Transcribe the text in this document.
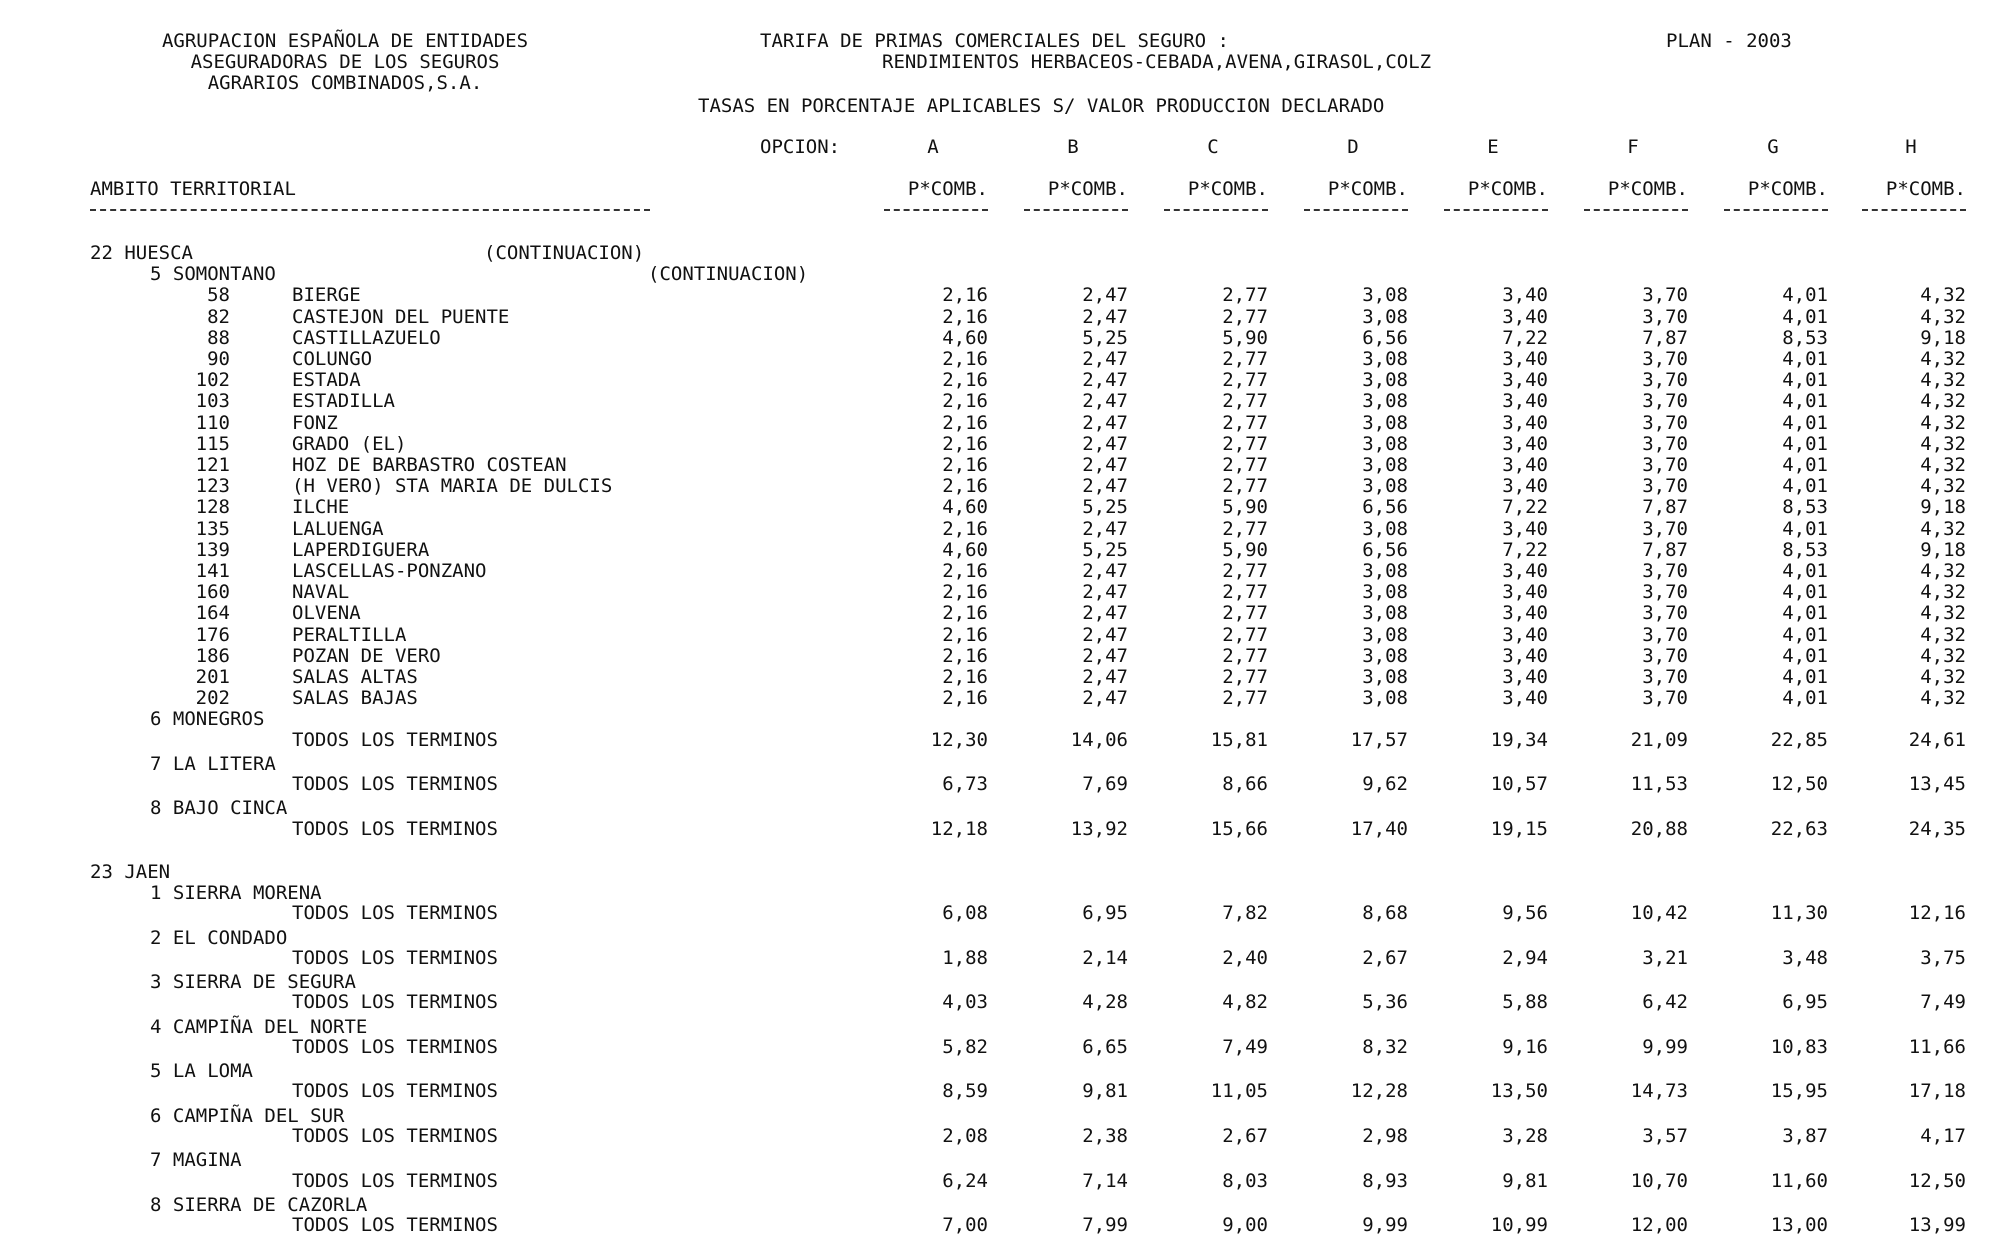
AGRUPACION ESPAÑOLA DE ENTIDADES
ASEGURADORAS DE LOS SEGUROS
AGRARIOS COMBINADOS,S.A.
TARIFA DE PRIMAS COMERCIALES DEL SEGURO :
RENDIMIENTOS HERBACEOS-CEBADA,AVENA,GIRASOL,COLZ
PLAN - 2003
TASAS EN PORCENTAJE APLICABLES S/ VALOR PRODUCCION DECLARADO
OPCION:	A	B	C	D	E	F	G	H
AMBITO TERRITORIAL	P*COMB.	P*COMB.	P*COMB.	P*COMB.	P*COMB.	P*COMB.	P*COMB.	P*COMB.
22 HUESCA	(CONTINUACION)
5 SOMONTANO	(CONTINUACION)
58	BIERGE	2,16	2,47	2,77	3,08	3,40	3,70	4,01	4,32
82	CASTEJON DEL PUENTE	2,16	2,47	2,77	3,08	3,40	3,70	4,01	4,32
88	CASTILLAZUELO	4,60	5,25	5,90	6,56	7,22	7,87	8,53	9,18
90	COLUNGO	2,16	2,47	2,77	3,08	3,40	3,70	4,01	4,32
102	ESTADA	2,16	2,47	2,77	3,08	3,40	3,70	4,01	4,32
103	ESTADILLA	2,16	2,47	2,77	3,08	3,40	3,70	4,01	4,32
110	FONZ	2,16	2,47	2,77	3,08	3,40	3,70	4,01	4,32
115	GRADO (EL)	2,16	2,47	2,77	3,08	3,40	3,70	4,01	4,32
121	HOZ DE BARBASTRO COSTEAN	2,16	2,47	2,77	3,08	3,40	3,70	4,01	4,32
123	(H VERO) STA MARIA DE DULCIS	2,16	2,47	2,77	3,08	3,40	3,70	4,01	4,32
128	ILCHE	4,60	5,25	5,90	6,56	7,22	7,87	8,53	9,18
135	LALUENGA	2,16	2,47	2,77	3,08	3,40	3,70	4,01	4,32
139	LAPERDIGUERA	4,60	5,25	5,90	6,56	7,22	7,87	8,53	9,18
141	LASCELLAS-PONZANO	2,16	2,47	2,77	3,08	3,40	3,70	4,01	4,32
160	NAVAL	2,16	2,47	2,77	3,08	3,40	3,70	4,01	4,32
164	OLVENA	2,16	2,47	2,77	3,08	3,40	3,70	4,01	4,32
176	PERALTILLA	2,16	2,47	2,77	3,08	3,40	3,70	4,01	4,32
186	POZAN DE VERO	2,16	2,47	2,77	3,08	3,40	3,70	4,01	4,32
201	SALAS ALTAS	2,16	2,47	2,77	3,08	3,40	3,70	4,01	4,32
202	SALAS BAJAS	2,16	2,47	2,77	3,08	3,40	3,70	4,01	4,32
6 MONEGROS
TODOS LOS TERMINOS	12,30	14,06	15,81	17,57	19,34	21,09	22,85	24,61
7 LA LITERA
TODOS LOS TERMINOS	6,73	7,69	8,66	9,62	10,57	11,53	12,50	13,45
8 BAJO CINCA
TODOS LOS TERMINOS	12,18	13,92	15,66	17,40	19,15	20,88	22,63	24,35
23 JAEN
1 SIERRA MORENA
TODOS LOS TERMINOS	6,08	6,95	7,82	8,68	9,56	10,42	11,30	12,16
2 EL CONDADO
TODOS LOS TERMINOS	1,88	2,14	2,40	2,67	2,94	3,21	3,48	3,75
3 SIERRA DE SEGURA
TODOS LOS TERMINOS	4,03	4,28	4,82	5,36	5,88	6,42	6,95	7,49
4 CAMPIÑA DEL NORTE
TODOS LOS TERMINOS	5,82	6,65	7,49	8,32	9,16	9,99	10,83	11,66
5 LA LOMA
TODOS LOS TERMINOS	8,59	9,81	11,05	12,28	13,50	14,73	15,95	17,18
6 CAMPIÑA DEL SUR
TODOS LOS TERMINOS	2,08	2,38	2,67	2,98	3,28	3,57	3,87	4,17
7 MAGINA
TODOS LOS TERMINOS	6,24	7,14	8,03	8,93	9,81	10,70	11,60	12,50
8 SIERRA DE CAZORLA
TODOS LOS TERMINOS	7,00	7,99	9,00	9,99	10,99	12,00	13,00	13,99
